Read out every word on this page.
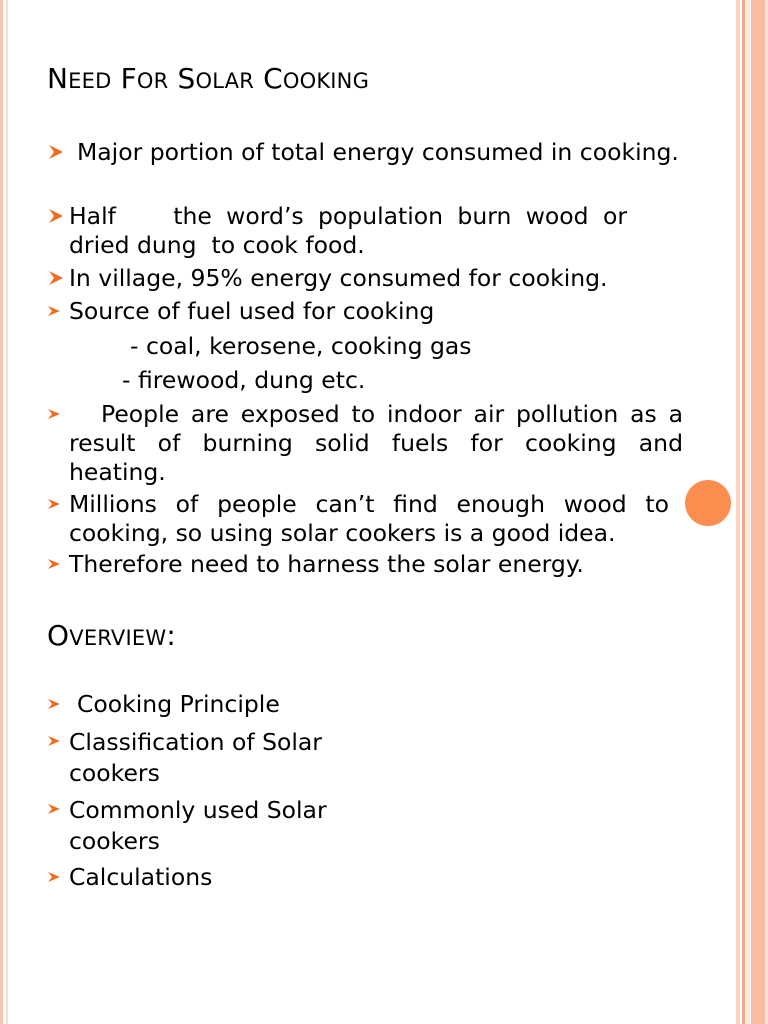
NEED FOR SOLAR COOKING
Major portion of total energy consumed in cooking.
Half    the word’s population burn wood or dried dung  to cook food.
In village, 95% energy consumed for cooking.
Source of fuel used for cooking
- coal, kerosene, cooking gas
- firewood, dung etc.
People are exposed to indoor air pollution as a result of burning solid fuels for cooking and heating.
Millions of people can’t find enough wood to cooking, so using solar cookers is a good idea.
Therefore need to harness the solar energy.
OVERVIEW:
Cooking Principle
Classification of Solar cookers
Commonly used Solar cookers
Calculations
